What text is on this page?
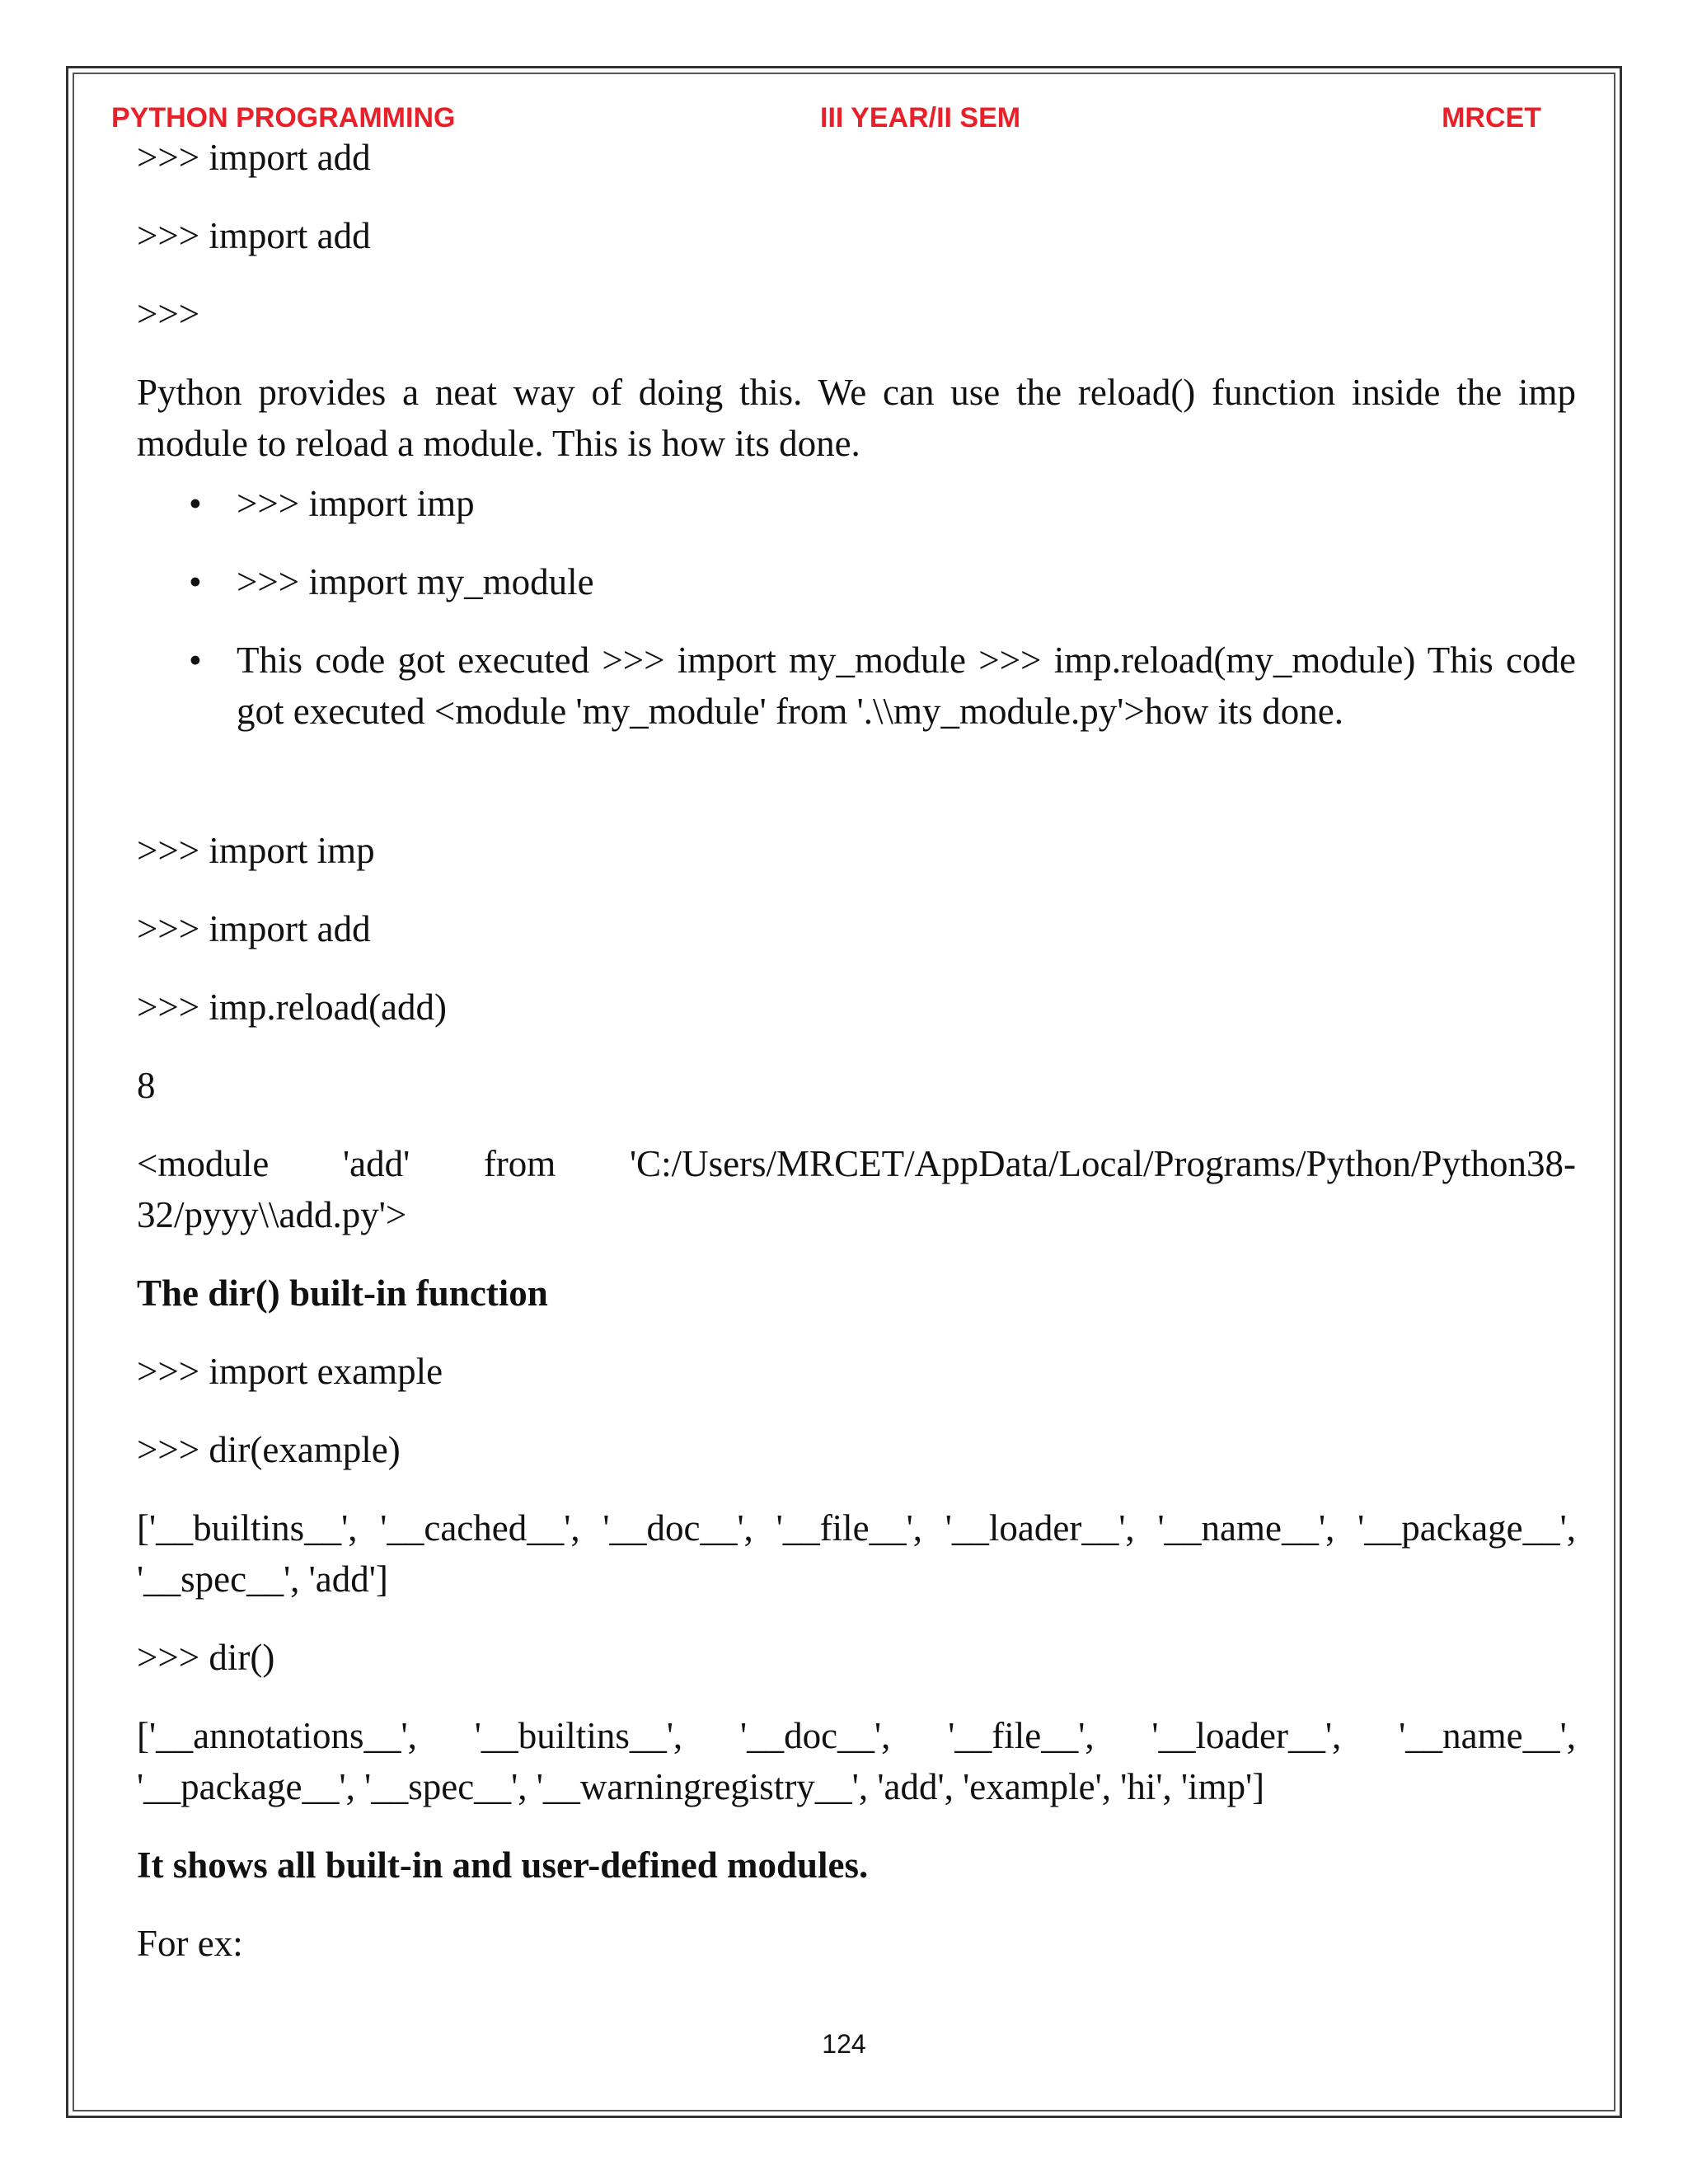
PYTHON PROGRAMMING	III YEAR/II SEM	MRCET

>>> import add

>>> import add

>>>

Python provides a neat way of doing this. We can use the reload() function inside the imp module to reload a module. This is how its done.

• >>> import imp
• >>> import my_module
• This code got executed >>> import my_module >>> imp.reload(my_module) This code got executed <module 'my_module' from '.\\my_module.py'>how its done.

>>> import imp

>>> import add

>>> imp.reload(add)

8

<module 'add' from 'C:/Users/MRCET/AppData/Local/Programs/Python/Python38-

32/pyyy\\add.py'>

The dir() built-in function

>>> import example

>>> dir(example)

['__builtins__', '__cached__', '__doc__', '__file__', '__loader__', '__name__', '__package__',

'__spec__', 'add']

>>> dir()

['__annotations__', '__builtins__', '__doc__', '__file__', '__loader__', '__name__',

'__package__', '__spec__', '__warningregistry__', 'add', 'example', 'hi', 'imp']

It shows all built-in and user-defined modules.

For ex:

124
